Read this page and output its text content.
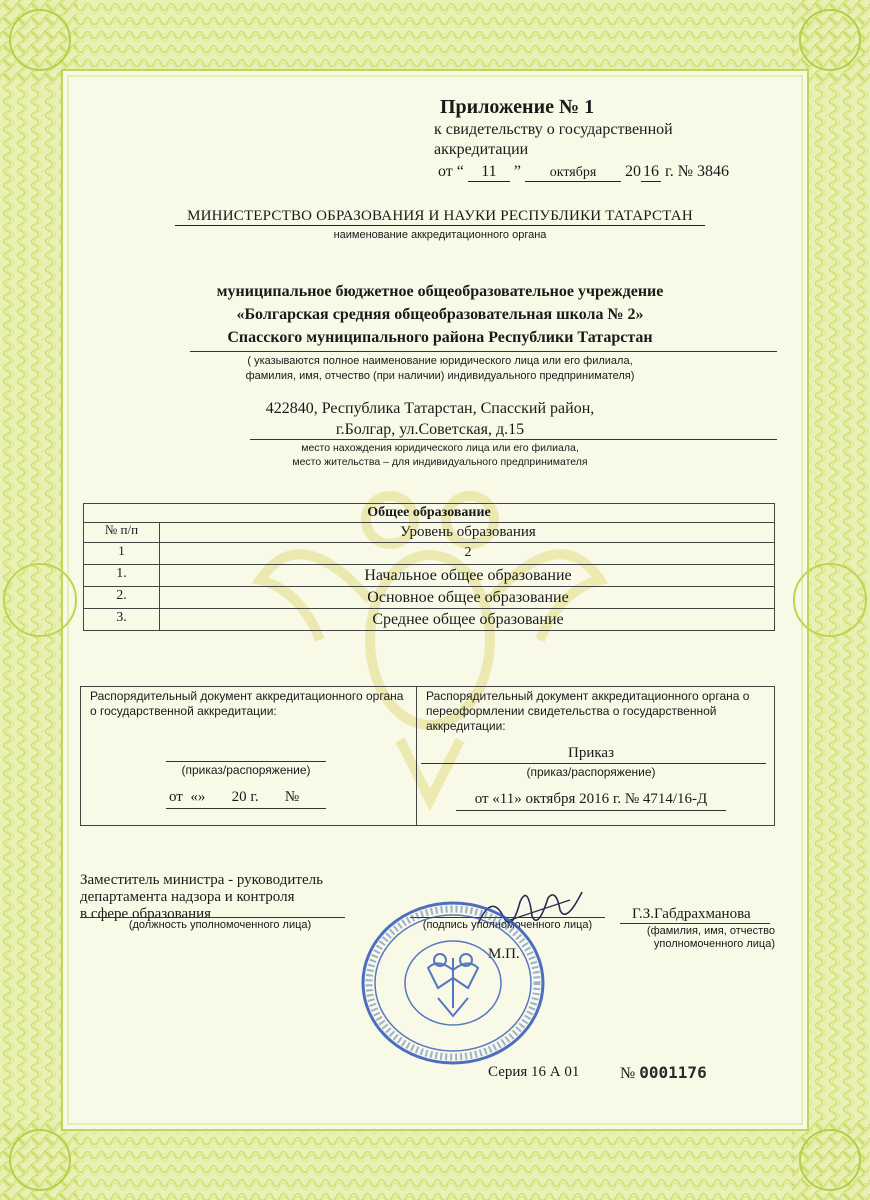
Приложение № 1
к свидетельству о государственной аккредитации
от “ 11 ” октября 20 16 г. № 3846
МИНИСТЕРСТВО ОБРАЗОВАНИЯ И НАУКИ РЕСПУБЛИКИ ТАТАРСТАН
наименование аккредитационного органа
муниципальное бюджетное общеобразовательное учреждение
«Болгарская средняя общеобразовательная школа № 2»
Спасского муниципального района Республики Татарстан
( указываются полное наименование юридического лица или его филиала,
фамилия, имя, отчество (при наличии) индивидуального предпринимателя)
422840, Республика Татарстан, Спасский район,
г.Болгар, ул.Советская, д.15
место нахождения юридического лица или его филиала,
место жительства – для индивидуального предпринимателя
Общее образование
№ п/п	Уровень образования
1	2
1.	Начальное общее образование
2.	Основное общее образование
3.	Среднее общее образование
Распорядительный документ аккредитационного органа о государственной аккредитации:
(приказ/распоряжение)
от  «»       20 г.       №
Распорядительный документ аккредитационного органа о переоформлении свидетельства о государственной аккредитации:
Приказ
(приказ/распоряжение)
от «11» октября 2016 г. № 4714/16-Д
Заместитель министра - руководитель
департамента надзора и контроля
в сфере образования
(должность уполномоченного лица)	(подпись уполномоченного лица)
Г.З.Габдрахманова
(фамилия, имя, отчество
уполномоченного лица)
М.П.
Серия 16 А 01	№ 0001176
